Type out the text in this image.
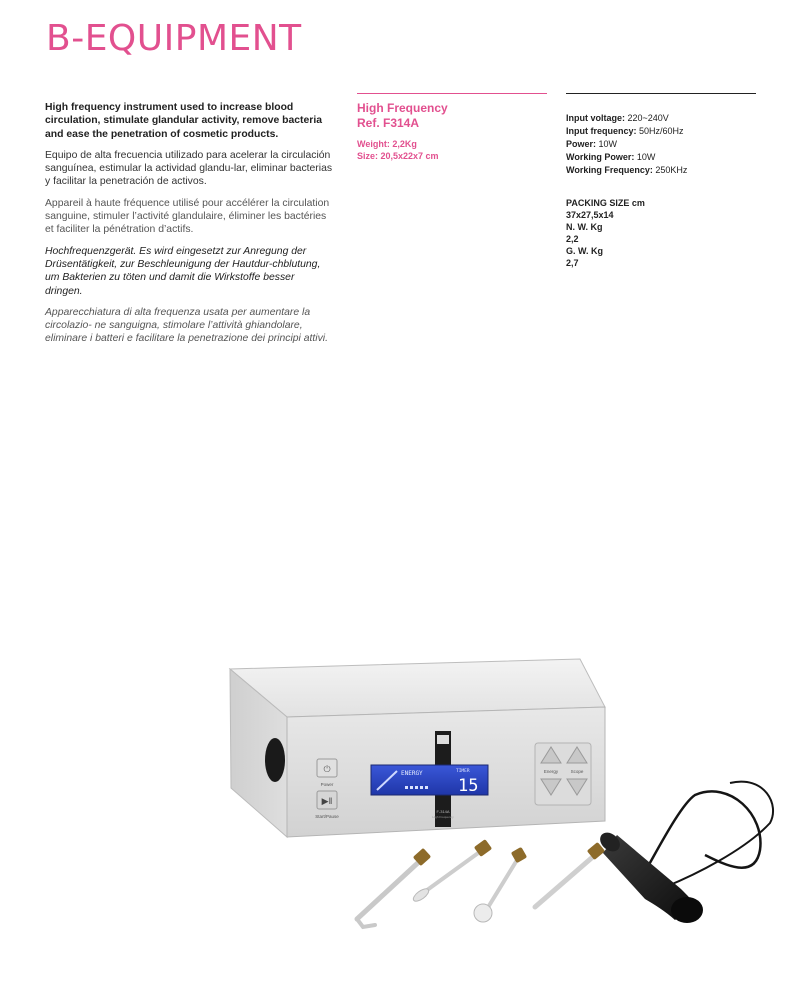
B-EQUIPMENT

High frequency instrument used to increase blood circulation, stimulate glandular activity, remove bacteria and ease the penetration of cosmetic products.

Equipo de alta frecuencia utilizado para acelerar la circulación sanguínea, estimular la actividad glandu-lar, eliminar bacterias y facilitar la penetración de activos.

Appareil à haute fréquence utilisé pour accélérer la circulation sanguine, stimuler l’activité glandulaire, éliminer les bactéries et faciliter la pénétration d’actifs.

Hochfrequenzgerät. Es wird eingesetzt zur Anregung der Drüsentätigkeit, zur Beschleunigung der Hautdur-chblutung, um Bakterien zu töten und damit die Wirkstoffe besser dringen.

Apparecchiatura di alta frequenza usata per aumentare la circolazio- ne sanguigna, stimolare l’attività ghiandolare, eliminare i batteri e facilitare la penetrazione dei principi attivi.

High Frequency
Ref. F314A
Weight: 2,2Kg
Size: 20,5x22x7 cm
Input voltage: 220~240V
Input frequency: 50Hz/60Hz
Power: 10W
Working Power: 10W
Working Frequency: 250KHz
PACKING SIZE cm
37x27,5x14
N. W. Kg
2,2
G. W. Kg
2,7
⏻
Power
▶‖
Start/Pause
F-314A
High Frequency
ENERGY	TIMER
15
Energy	Scope
